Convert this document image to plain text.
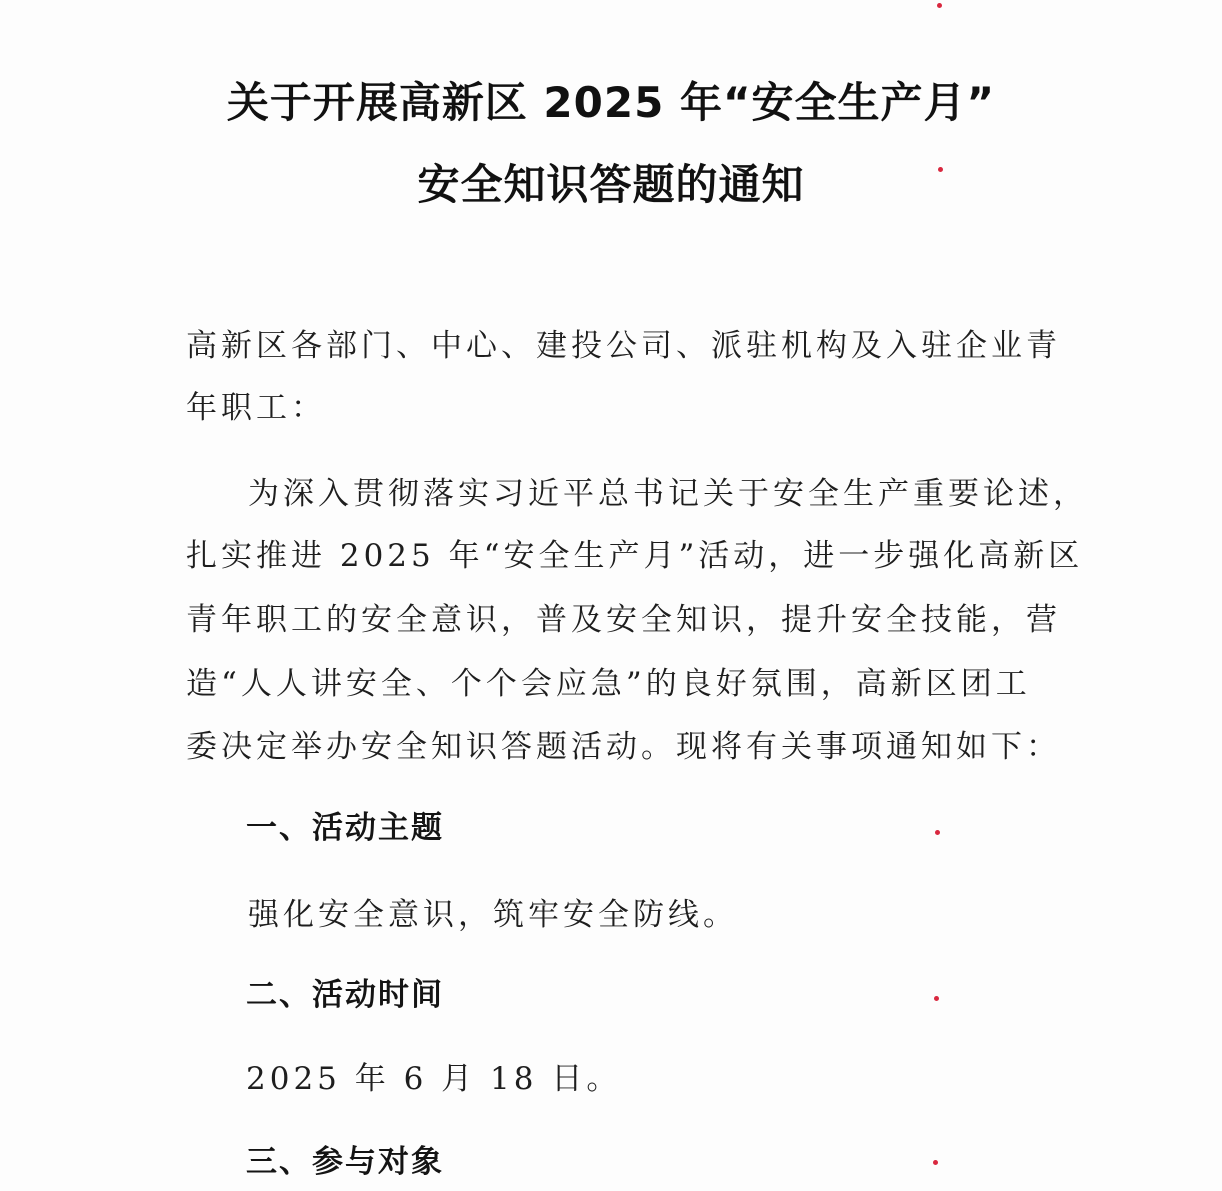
关于开展高新区 2025 年“安全生产月”
安全知识答题的通知
高新区各部门、中心、建投公司、派驻机构及入驻企业青
年职工：
为深入贯彻落实习近平总书记关于安全生产重要论述，
扎实推进 2025 年“安全生产月”活动，进一步强化高新区
青年职工的安全意识，普及安全知识，提升安全技能，营
造“人人讲安全、个个会应急”的良好氛围，高新区团工
委决定举办安全知识答题活动。现将有关事项通知如下：
一、活动主题
强化安全意识，筑牢安全防线。
二、活动时间
2025 年 6 月 18 日。
三、参与对象
